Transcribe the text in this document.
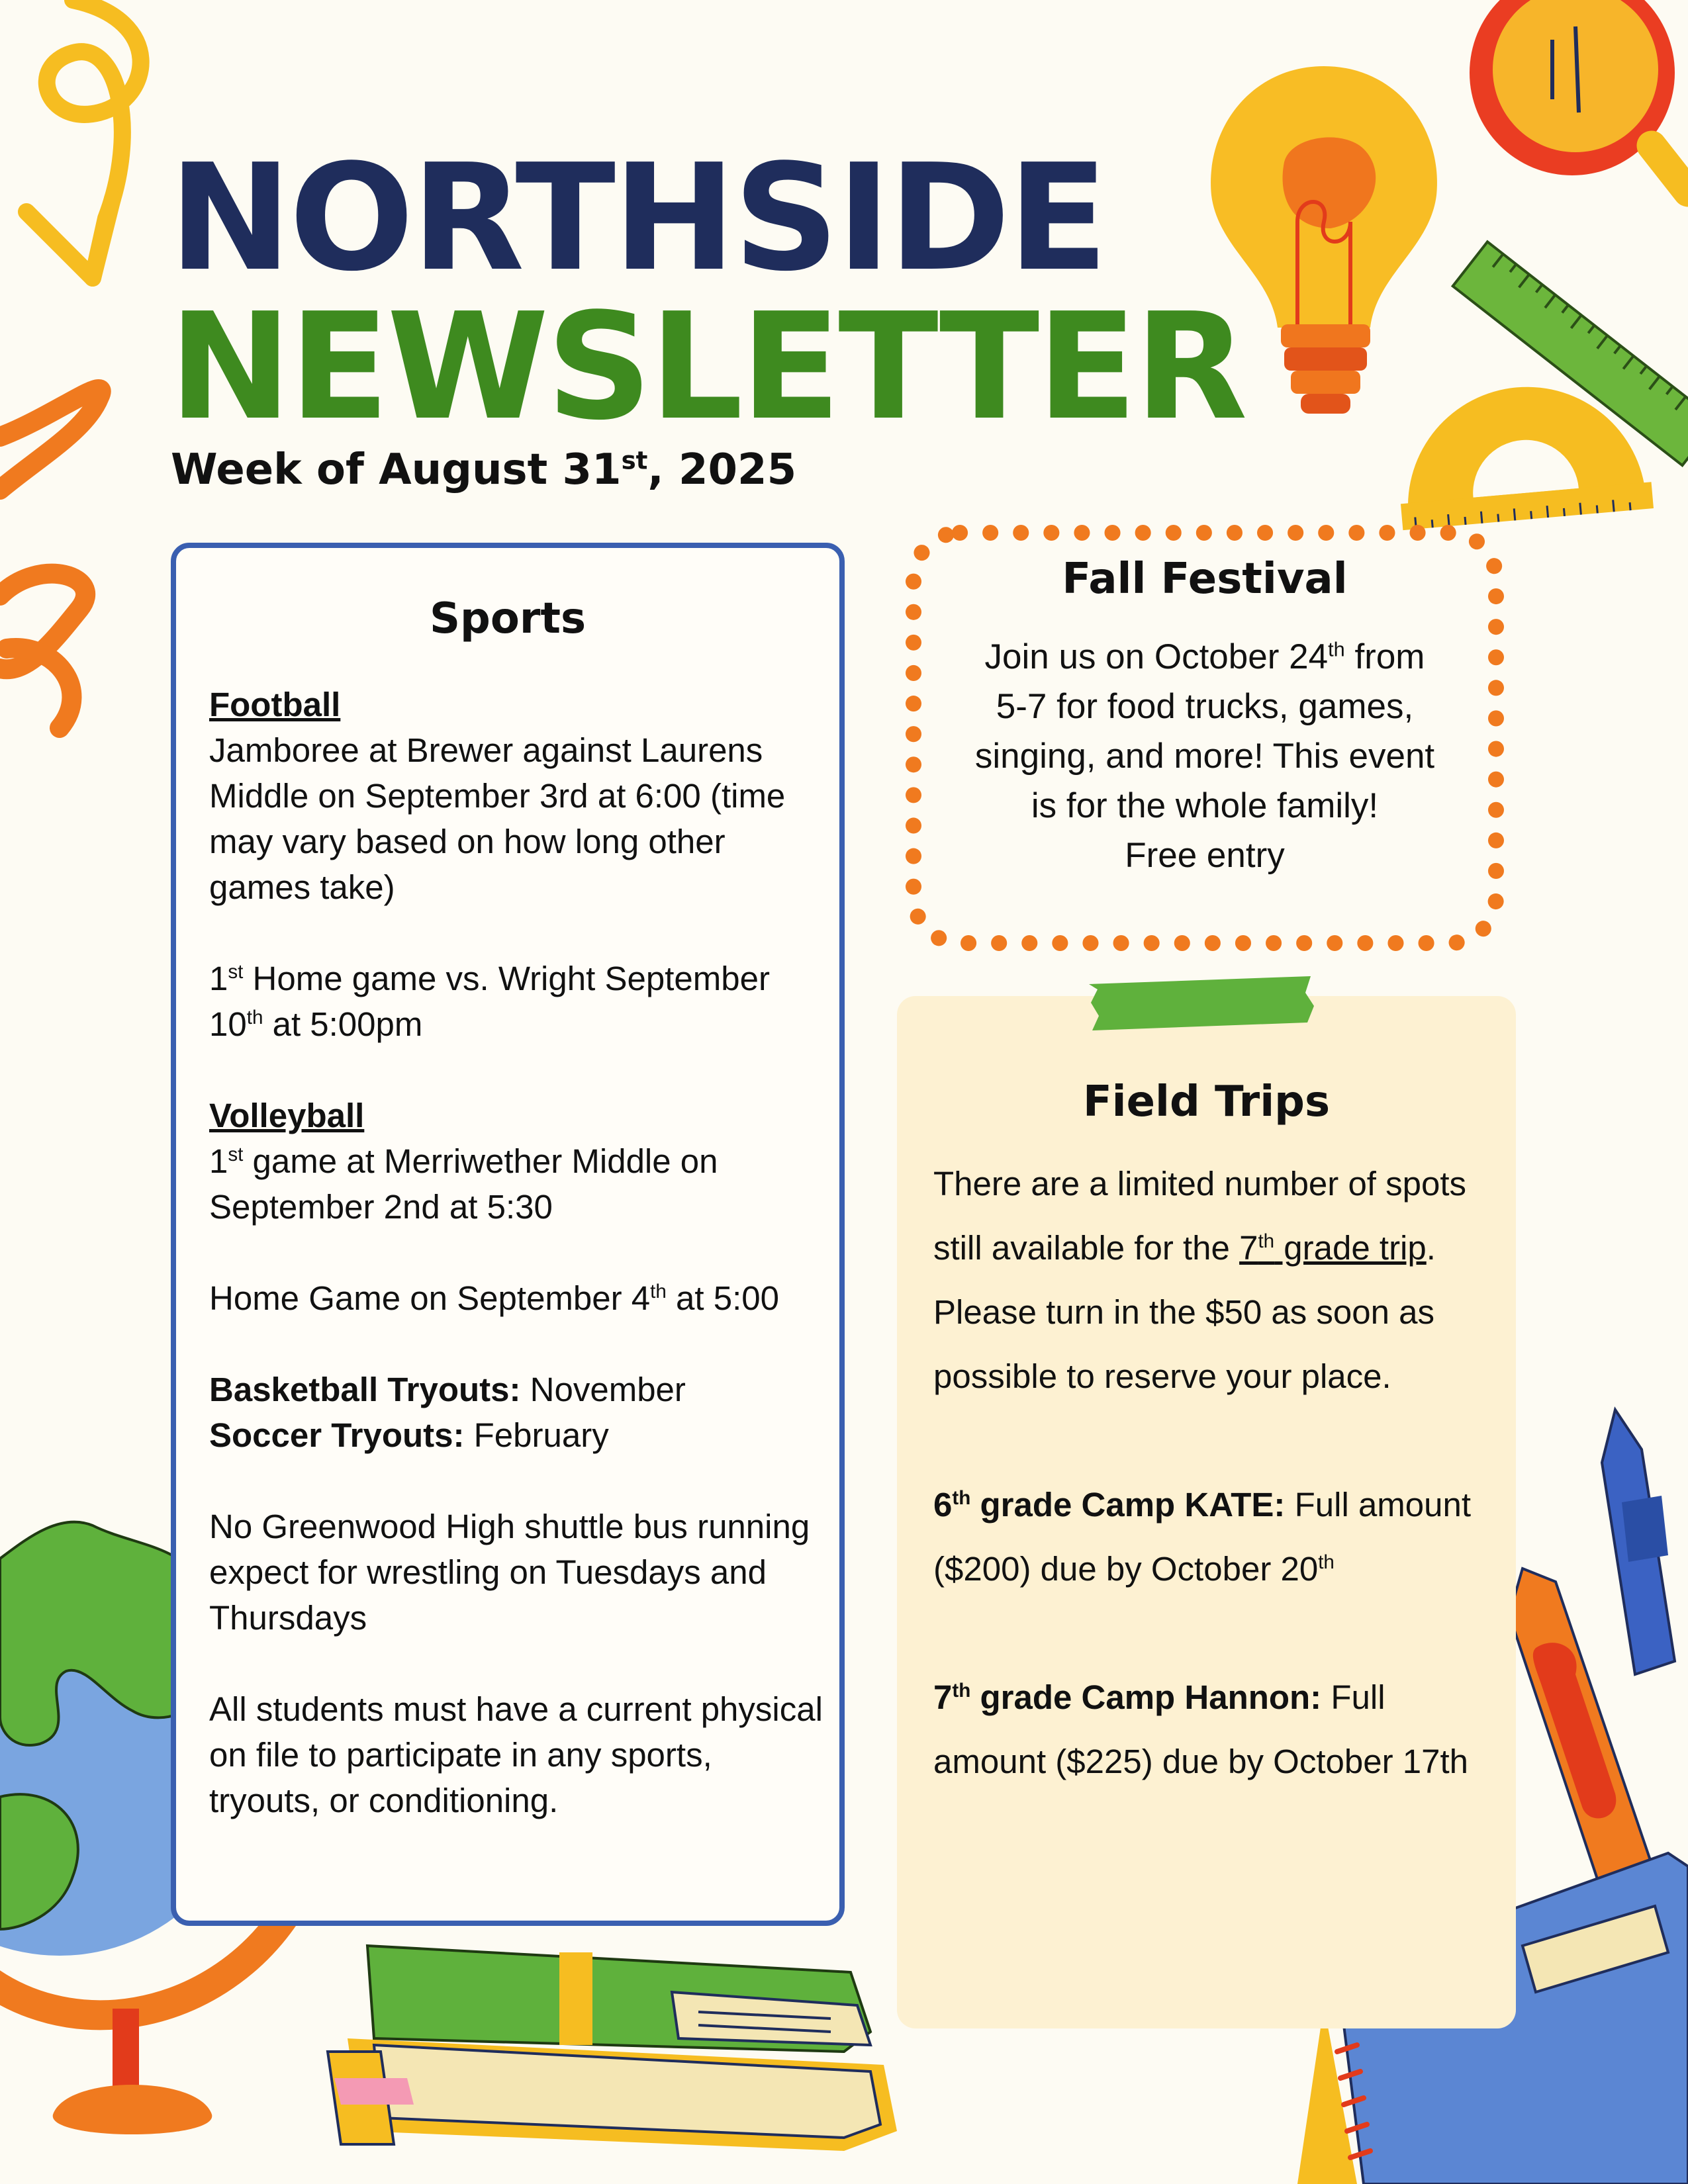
NORTHSIDE
NEWSLETTER
Week of August 31st, 2025
Sports

Football
Jamboree at Brewer against Laurens Middle on September 3rd at 6:00 (time may vary based on how long other games take)

1st Home game vs. Wright September 10th at 5:00pm

Volleyball
1st game at Merriwether Middle on September 2nd at 5:30

Home Game on September 4th at 5:00

Basketball Tryouts: November
Soccer Tryouts: February

No Greenwood High shuttle bus running expect for wrestling on Tuesdays and Thursdays

All students must have a current physical on file to participate in any sports, tryouts, or conditioning.

Fall Festival
Join us on October 24th from
5-7 for food trucks, games,
singing, and more! This event
is for the whole family!
Free entry
Field Trips

There are a limited number of spots still available for the 7th grade trip. Please turn in the $50 as soon as possible to reserve your place.

6th grade Camp KATE: Full amount ($200) due by October 20th

7th grade Camp Hannon: Full amount ($225) due by October 17th
